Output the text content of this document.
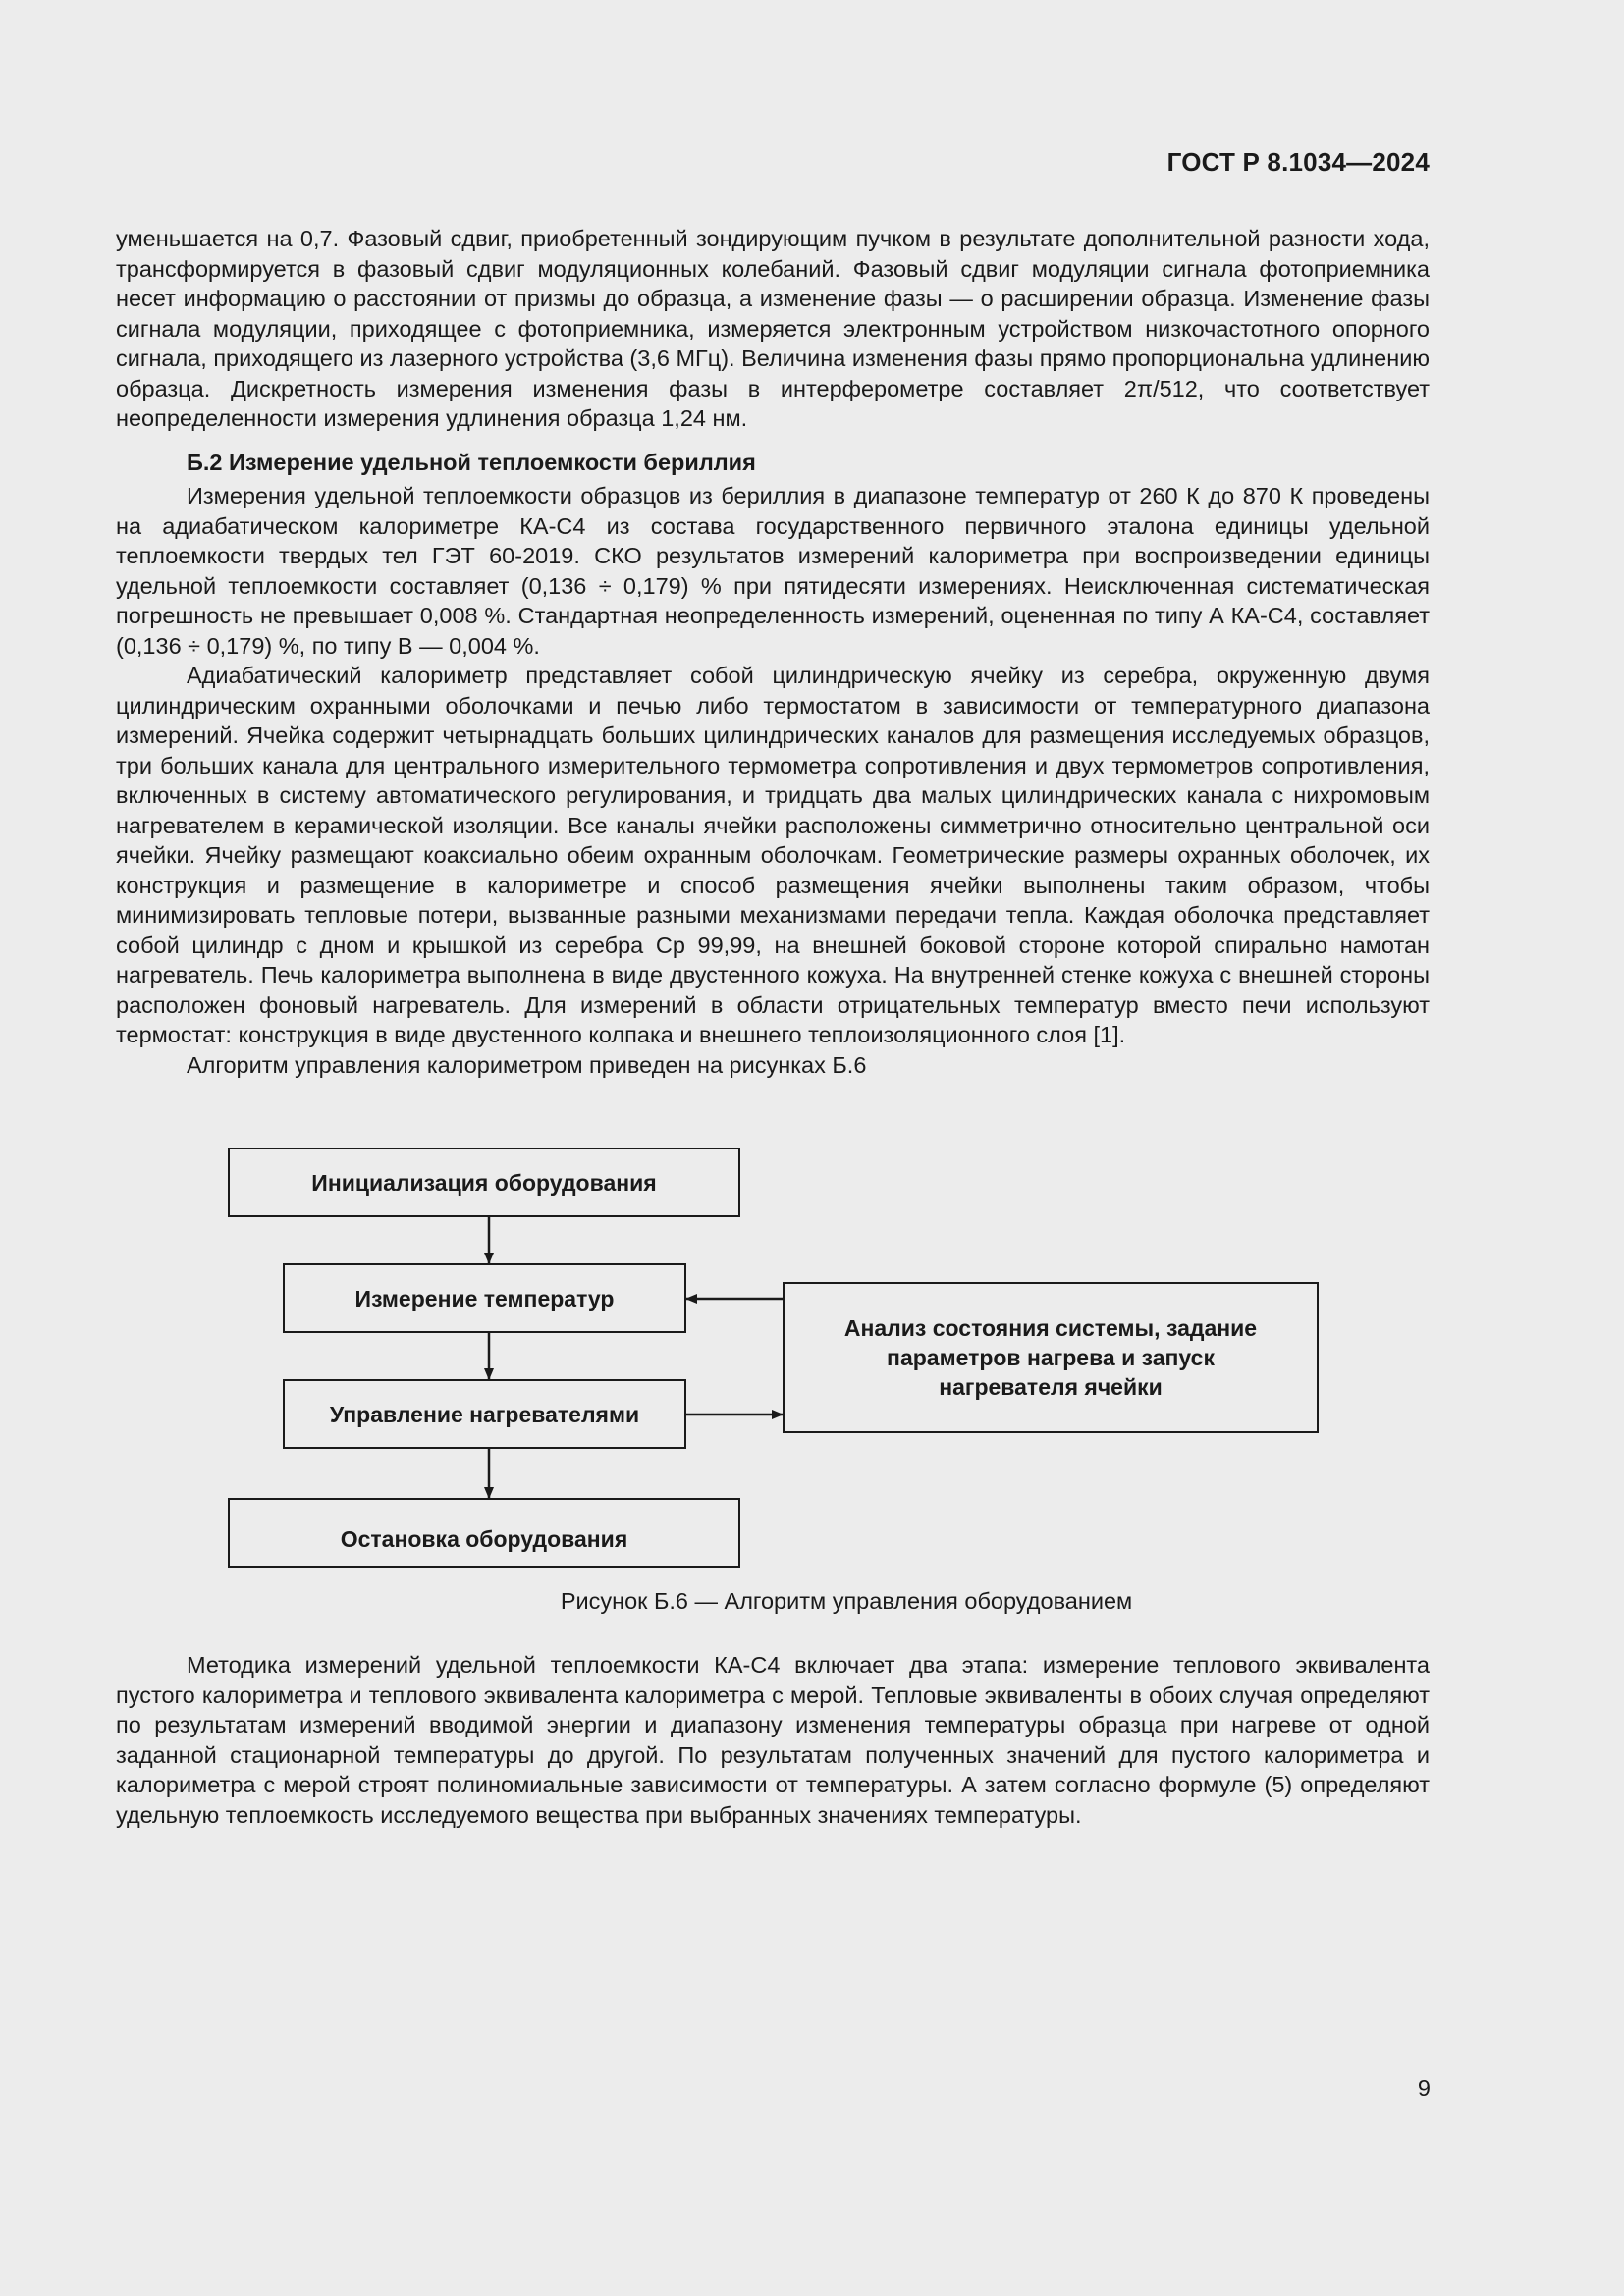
ГОСТ Р 8.1034—2024

уменьшается на 0,7. Фазовый сдвиг, приобретенный зондирующим пучком в результате дополнительной разности хода, трансформируется в фазовый сдвиг модуляционных колебаний. Фазовый сдвиг модуляции сигнала фотоприемника несет информацию о расстоянии от призмы до образца, а изменение фазы — о расширении образца. Изменение фазы сигнала модуляции, приходящее с фотоприемника, измеряется электронным устройством низкочастотного опорного сигнала, приходящего из лазерного устройства (3,6 МГц). Величина изменения фазы прямо пропорциональна удлинению образца. Дискретность измерения изменения фазы в интерферометре составляет 2π/512, что соответствует неопределенности измерения удлинения образца 1,24 нм.

Б.2 Измерение удельной теплоемкости бериллия

Измерения удельной теплоемкости образцов из бериллия в диапазоне температур от 260 К до 870 К проведены на адиабатическом калориметре КА-С4 из состава государственного первичного эталона единицы удельной теплоемкости твердых тел ГЭТ 60-2019. СКО результатов измерений калориметра при воспроизведении единицы удельной теплоемкости составляет (0,136 ÷ 0,179) % при пятидесяти измерениях. Неисключенная систематическая погрешность не превышает 0,008 %. Стандартная неопределенность измерений, оцененная по типу А КА-С4, составляет (0,136 ÷ 0,179) %, по типу В — 0,004 %.

Адиабатический калориметр представляет собой цилиндрическую ячейку из серебра, окруженную двумя цилиндрическим охранными оболочками и печью либо термостатом в зависимости от температурного диапазона измерений. Ячейка содержит четырнадцать больших цилиндрических каналов для размещения исследуемых образцов, три больших канала для центрального измерительного термометра сопротивления и двух термометров сопротивления, включенных в систему автоматического регулирования, и тридцать два малых цилиндрических канала с нихромовым нагревателем в керамической изоляции. Все каналы ячейки расположены симметрично относительно центральной оси ячейки. Ячейку размещают коаксиально обеим охранным оболочкам. Геометрические размеры охранных оболочек, их конструкция и размещение в калориметре и способ размещения ячейки выполнены таким образом, чтобы минимизировать тепловые потери, вызванные разными механизмами передачи тепла. Каждая оболочка представляет собой цилиндр с дном и крышкой из серебра Ср 99,99, на внешней боковой стороне которой спирально намотан нагреватель. Печь калориметра выполнена в виде двустенного кожуха. На внутренней стенке кожуха с внешней стороны расположен фоновый нагреватель. Для измерений в области отрицательных температур вместо печи используют термостат: конструкция в виде двустенного колпака и внешнего теплоизоляционного слоя [1].

Алгоритм управления калориметром приведен на рисунках Б.6

Инициализация оборудования
Измерение температур
Управление нагревателями
Остановка оборудования
Анализ состояния системы, задание параметров нагрева и запуск нагревателя ячейки
Рисунок Б.6 — Алгоритм управления оборудованием

Методика измерений удельной теплоемкости КА-С4 включает два этапа: измерение теплового эквивалента пустого калориметра и теплового эквивалента калориметра с мерой. Тепловые эквиваленты в обоих случая определяют по результатам измерений вводимой энергии и диапазону изменения температуры образца при нагреве от одной заданной стационарной температуры до другой. По результатам полученных значений для пустого калориметра и калориметра с мерой строят полиномиальные зависимости от температуры. А затем согласно формуле (5) определяют удельную теплоемкость исследуемого вещества при выбранных значениях температуры.

9
